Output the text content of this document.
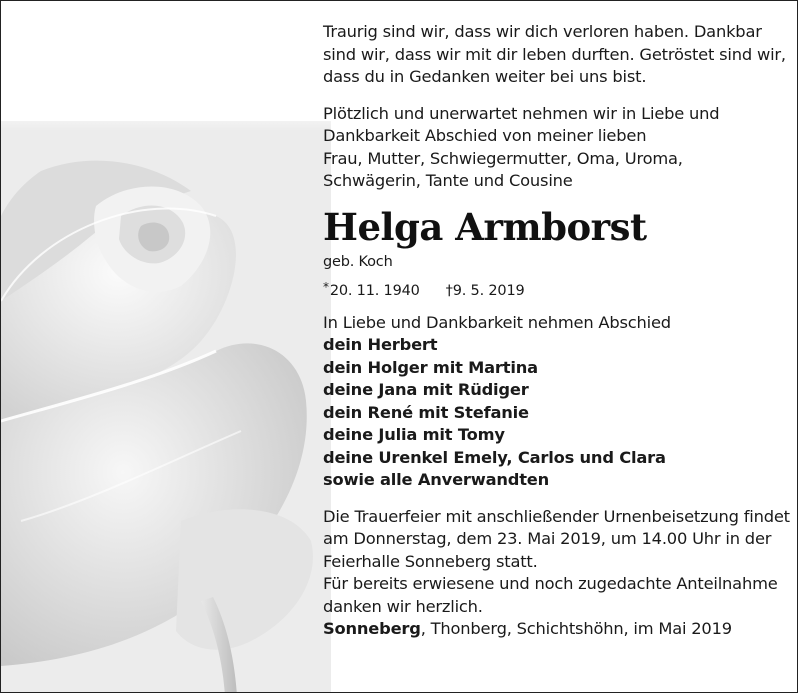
Traurig sind wir, dass wir dich verloren haben. Dankbar

sind wir, dass wir mit dir leben durften. Getröstet sind wir,

dass du in Gedanken weiter bei uns bist.

Plötzlich und unerwartet nehmen wir in Liebe und

Dankbarkeit Abschied von meiner lieben

Frau, Mutter, Schwiegermutter, Oma, Uroma,

Schwägerin, Tante und Cousine

Helga Armborst

geb. Koch

*20. 11. 1940 †9. 5. 2019

In Liebe und Dankbarkeit nehmen Abschied

dein Herbert

dein Holger mit Martina

deine Jana mit Rüdiger

dein René mit Stefanie

deine Julia mit Tomy

deine Urenkel Emely, Carlos und Clara

sowie alle Anverwandten

Die Trauerfeier mit anschließender Urnenbeisetzung findet

am Donnerstag, dem 23. Mai 2019, um 14.00 Uhr in der

Feierhalle Sonneberg statt.

Für bereits erwiesene und noch zugedachte Anteilnahme

danken wir herzlich.

Sonneberg, Thonberg, Schichtshöhn, im Mai 2019
